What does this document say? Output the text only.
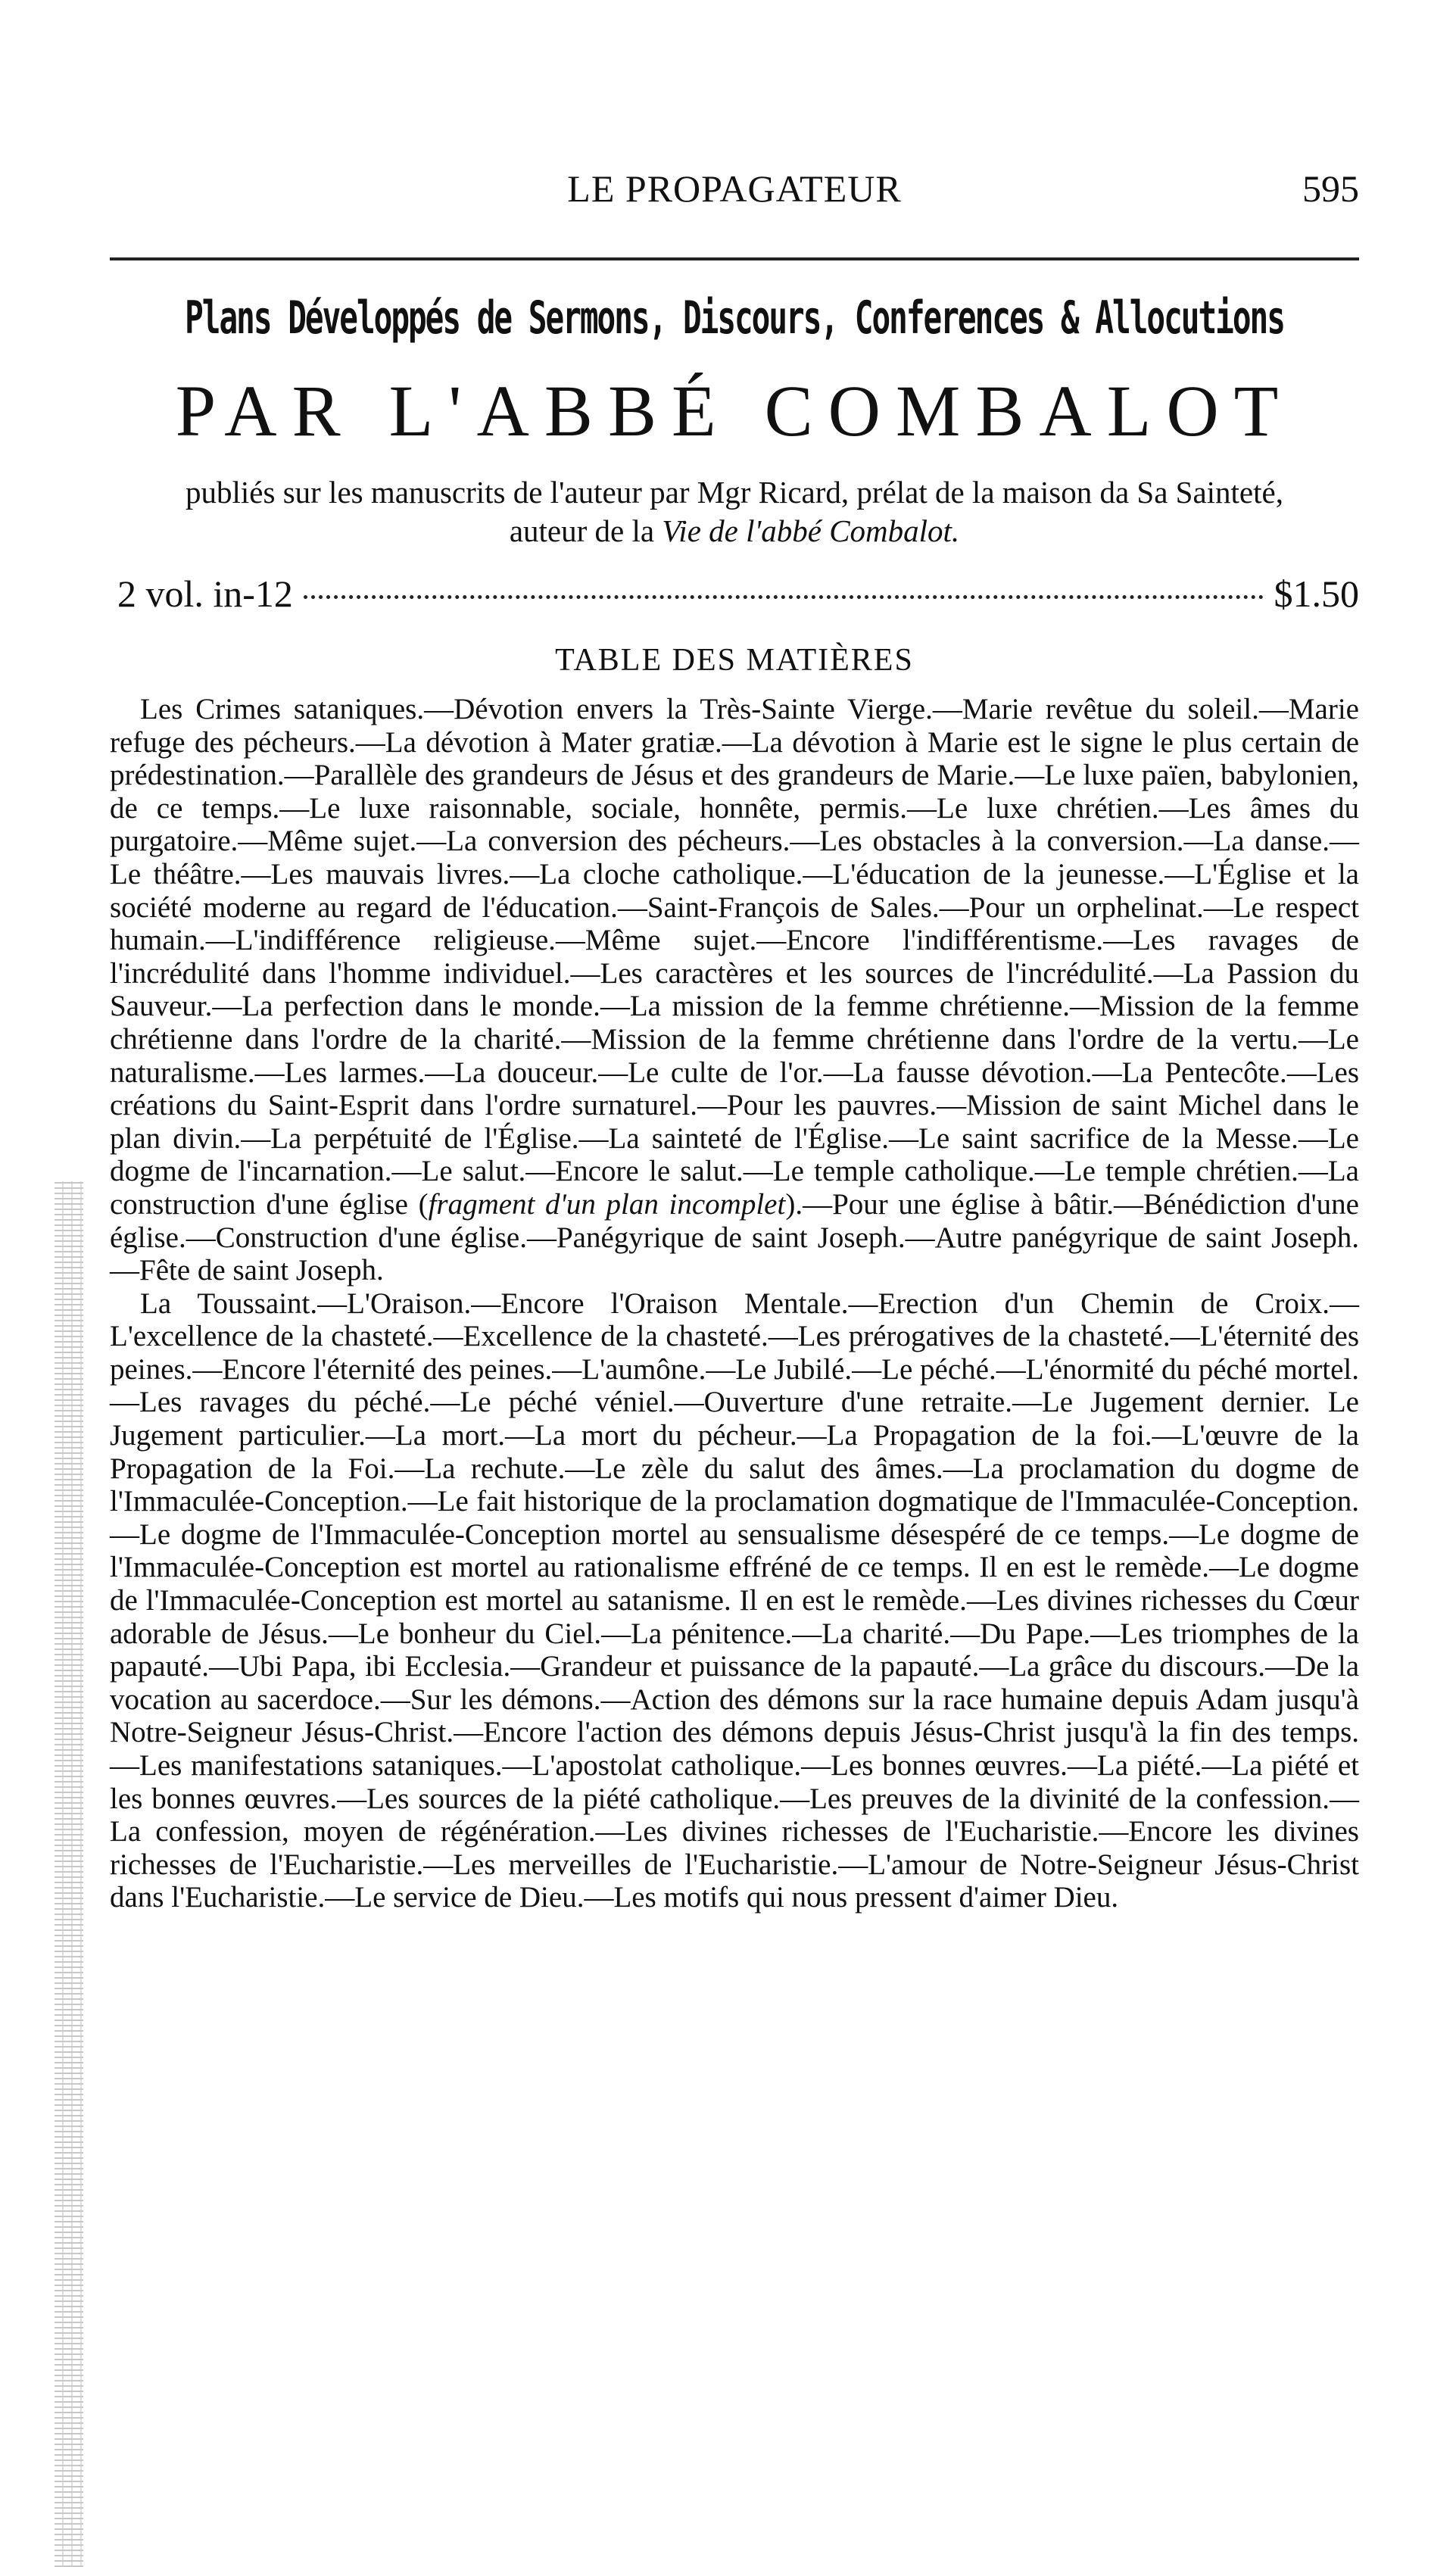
LE PROPAGATEUR	595
Plans Développés de Sermons, Discours, Conferences & Allocutions
PAR L'ABBÉ COMBALOT
publiés sur les manuscrits de l'auteur par Mgr Ricard, prélat de la maison da Sa Sainteté, auteur de la Vie de l'abbé Combalot.
2 vol. in-12	$1.50
TABLE DES MATIÈRES

Les Crimes sataniques.—Dévotion envers la Très-Sainte Vierge.—Marie revêtue du soleil.—Marie refuge des pécheurs.—La dévotion à Mater gratiæ.—La dévotion à Marie est le signe le plus certain de prédestination.—Parallèle des grandeurs de Jésus et des grandeurs de Marie.—Le luxe païen, babylonien, de ce temps.—Le luxe raisonnable, sociale, honnête, permis.—Le luxe chrétien.—Les âmes du purgatoire.—Même sujet.—La conversion des pécheurs.—Les obstacles à la conversion.—La danse.—Le théâtre.—Les mauvais livres.—La cloche catholique.—L'éducation de la jeunesse.—L'Église et la société moderne au regard de l'éducation.—Saint-François de Sales.—Pour un orphelinat.—Le respect humain.—L'indifférence religieuse.—Même sujet.—Encore l'indifférentisme.—Les ravages de l'incrédulité dans l'homme individuel.—Les caractères et les sources de l'incrédulité.—La Passion du Sauveur.—La perfection dans le monde.—La mission de la femme chrétienne.—Mission de la femme chrétienne dans l'ordre de la charité.—Mission de la femme chrétienne dans l'ordre de la vertu.—Le naturalisme.—Les larmes.—La douceur.—Le culte de l'or.—La fausse dévotion.—La Pentecôte.—Les créations du Saint-Esprit dans l'ordre surnaturel.—Pour les pauvres.—Mission de saint Michel dans le plan divin.—La perpétuité de l'Église.—La sainteté de l'Église.—Le saint sacrifice de la Messe.—Le dogme de l'incarnation.—Le salut.—Encore le salut.—Le temple catholique.—Le temple chrétien.—La construction d'une église (fragment d'un plan incomplet).—Pour une église à bâtir.—Bénédiction d'une église.—Construction d'une église.—Panégyrique de saint Joseph.—Autre panégyrique de saint Joseph.—Fête de saint Joseph.

La Toussaint.—L'Oraison.—Encore l'Oraison Mentale.—Erection d'un Chemin de Croix.—L'excellence de la chasteté.—Excellence de la chasteté.—Les prérogatives de la chasteté.—L'éternité des peines.—Encore l'éternité des peines.—L'aumône.—Le Jubilé.—Le péché.—L'énormité du péché mortel.—Les ravages du péché.—Le péché véniel.—Ouverture d'une retraite.—Le Jugement dernier. Le Jugement particulier.—La mort.—La mort du pécheur.—La Propagation de la foi.—L'œuvre de la Propagation de la Foi.—La rechute.—Le zèle du salut des âmes.—La proclamation du dogme de l'Immaculée-Conception.—Le fait historique de la proclamation dogmatique de l'Immaculée-Conception.—Le dogme de l'Immaculée-Conception mortel au sensualisme désespéré de ce temps.—Le dogme de l'Immaculée-Conception est mortel au rationalisme effréné de ce temps. Il en est le remède.—Le dogme de l'Immaculée-Conception est mortel au satanisme. Il en est le remède.—Les divines richesses du Cœur adorable de Jésus.—Le bonheur du Ciel.—La pénitence.—La charité.—Du Pape.—Les triomphes de la papauté.—Ubi Papa, ibi Ecclesia.—Grandeur et puissance de la papauté.—La grâce du discours.—De la vocation au sacerdoce.—Sur les démons.—Action des démons sur la race humaine depuis Adam jusqu'à Notre-Seigneur Jésus-Christ.—Encore l'action des démons depuis Jésus-Christ jusqu'à la fin des temps.—Les manifestations sataniques.—L'apostolat catholique.—Les bonnes œuvres.—La piété.—La piété et les bonnes œuvres.—Les sources de la piété catholique.—Les preuves de la divinité de la confession.—La confession, moyen de régénération.—Les divines richesses de l'Eucharistie.—Encore les divines richesses de l'Eucharistie.—Les merveilles de l'Eucharistie.—L'amour de Notre-Seigneur Jésus-Christ dans l'Eucharistie.—Le service de Dieu.—Les motifs qui nous pressent d'aimer Dieu.
